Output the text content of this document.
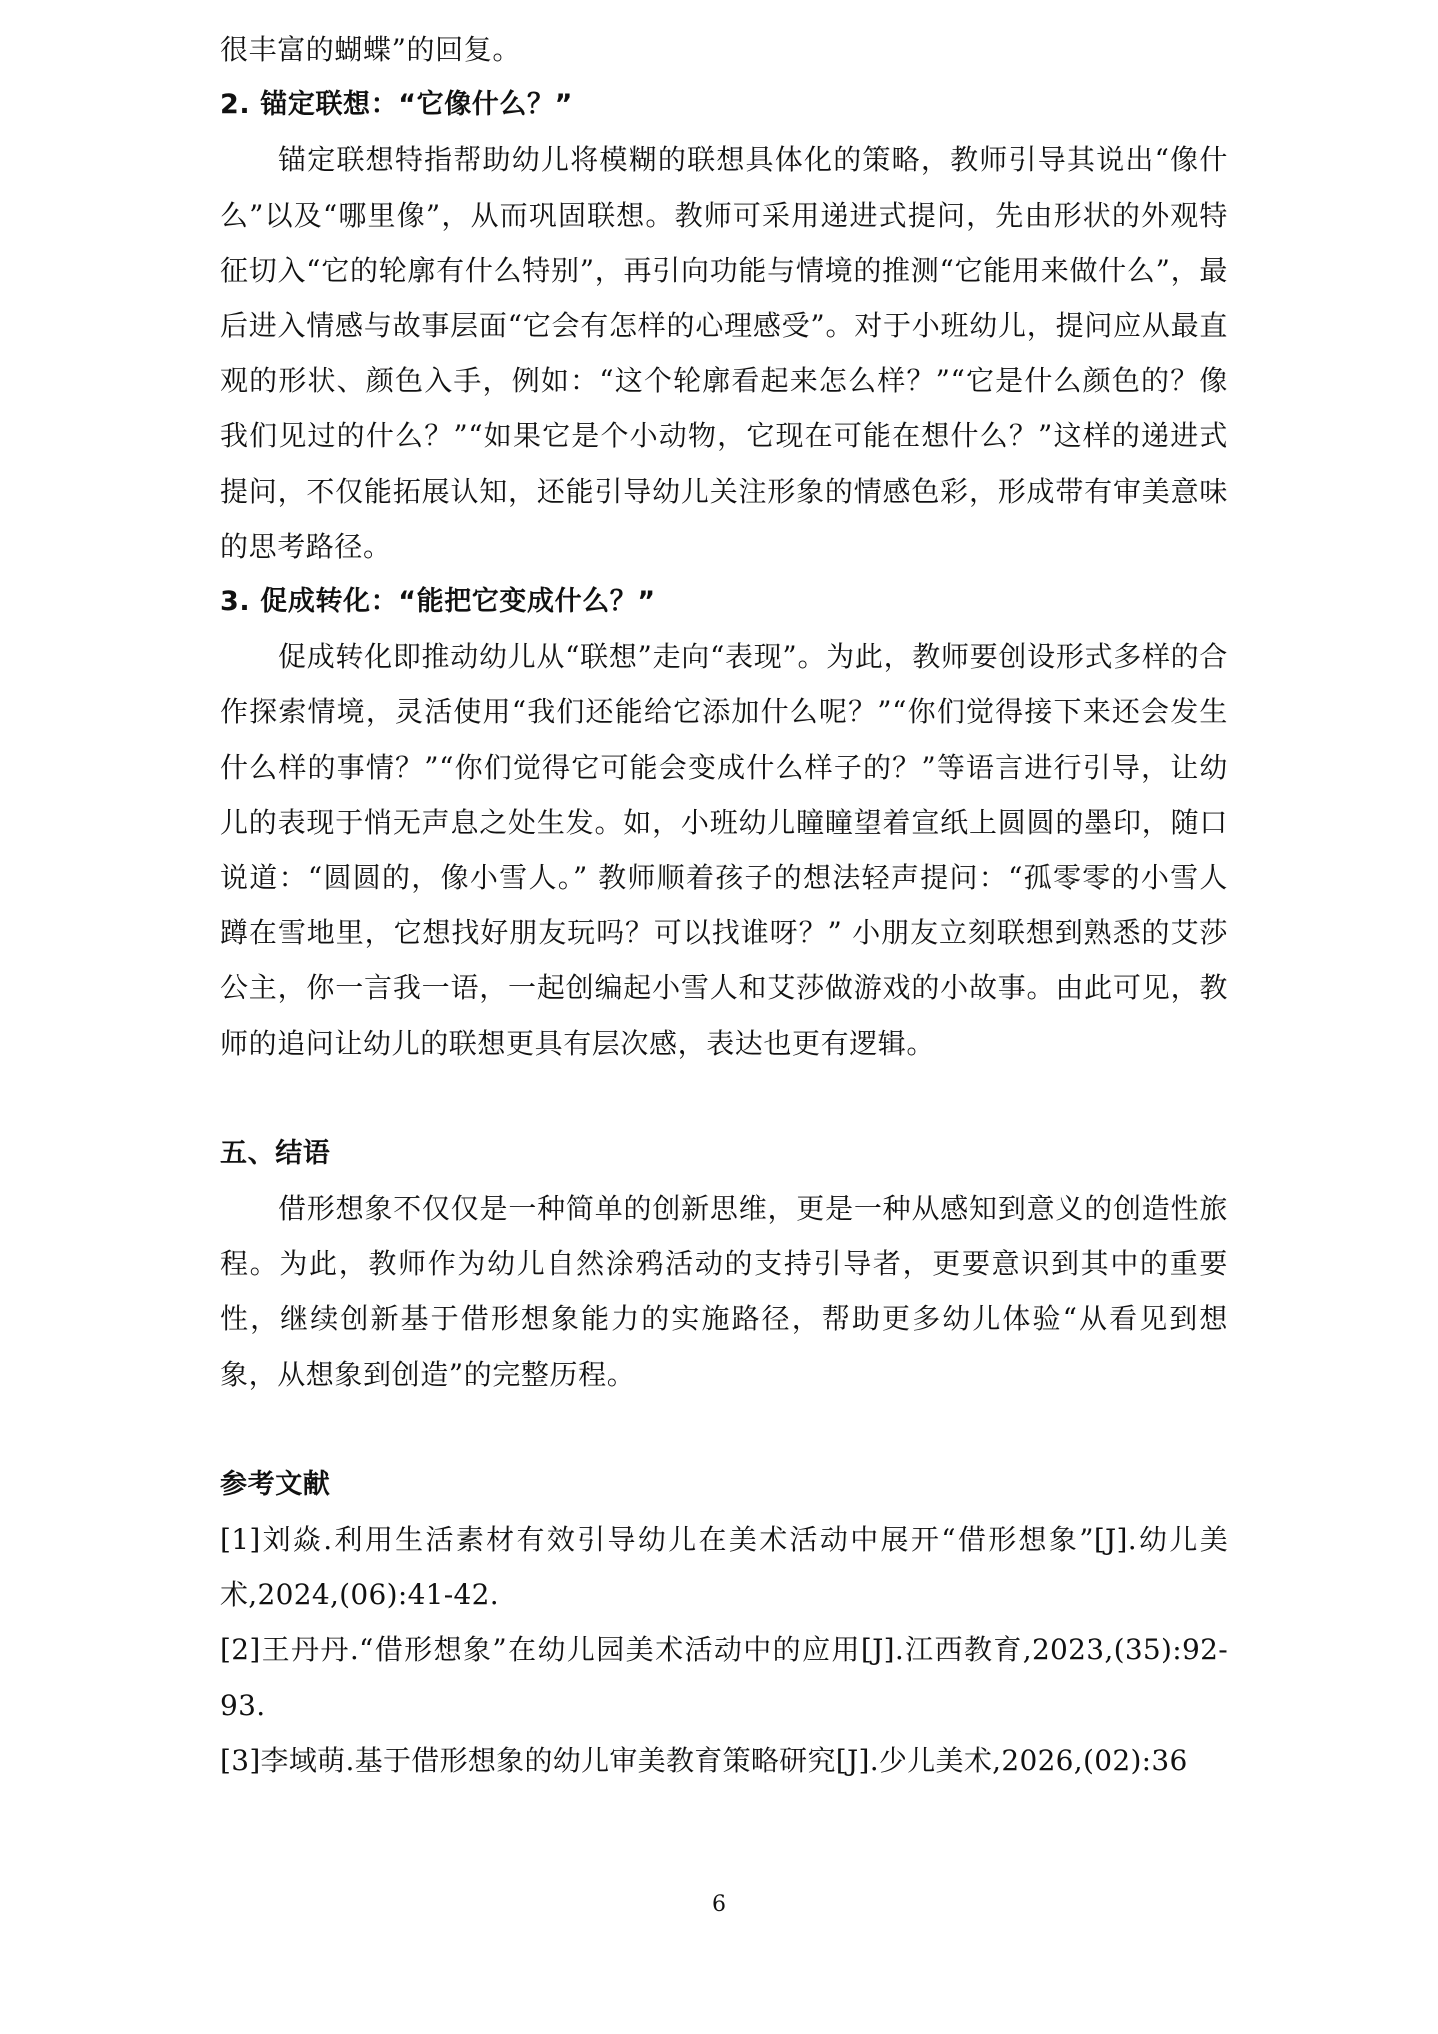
很丰富的蝴蝶”的回复。

2. 锚定联想：“它像什么？”

锚定联想特指帮助幼儿将模糊的联想具体化的策略，教师引导其说出“像什么”以及“哪里像”，从而巩固联想。教师可采用递进式提问，先由形状的外观特征切入“它的轮廓有什么特别”，再引向功能与情境的推测“它能用来做什么”，最后进入情感与故事层面“它会有怎样的心理感受”。对于小班幼儿，提问应从最直观的形状、颜色入手，例如：“这个轮廓看起来怎么样？”“它是什么颜色的？像我们见过的什么？”“如果它是个小动物，它现在可能在想什么？”这样的递进式提问，不仅能拓展认知，还能引导幼儿关注形象的情感色彩，形成带有审美意味的思考路径。

3. 促成转化：“能把它变成什么？”

促成转化即推动幼儿从“联想”走向“表现”。为此，教师要创设形式多样的合作探索情境，灵活使用“我们还能给它添加什么呢？”“你们觉得接下来还会发生什么样的事情？”“你们觉得它可能会变成什么样子的？”等语言进行引导，让幼儿的表现于悄无声息之处生发。如，小班幼儿瞳瞳望着宣纸上圆圆的墨印，随口说道：“圆圆的，像小雪人。” 教师顺着孩子的想法轻声提问：“孤零零的小雪人蹲在雪地里，它想找好朋友玩吗？可以找谁呀？” 小朋友立刻联想到熟悉的艾莎公主，你一言我一语，一起创编起小雪人和艾莎做游戏的小故事。由此可见，教师的追问让幼儿的联想更具有层次感，表达也更有逻辑。

五、结语

借形想象不仅仅是一种简单的创新思维，更是一种从感知到意义的创造性旅程。为此，教师作为幼儿自然涂鸦活动的支持引导者，更要意识到其中的重要性，继续创新基于借形想象能力的实施路径，帮助更多幼儿体验“从看见到想象，从想象到创造”的完整历程。

参考文献

[1]刘焱.利用生活素材有效引导幼儿在美术活动中展开“借形想象”[J].幼儿美术,2024,(06):41-42.

[2]王丹丹.“借形想象”在幼儿园美术活动中的应用[J].江西教育,2023,(35):92-93.

[3]李域萌.基于借形想象的幼儿审美教育策略研究[J].少儿美术,2026,(02):36

6
